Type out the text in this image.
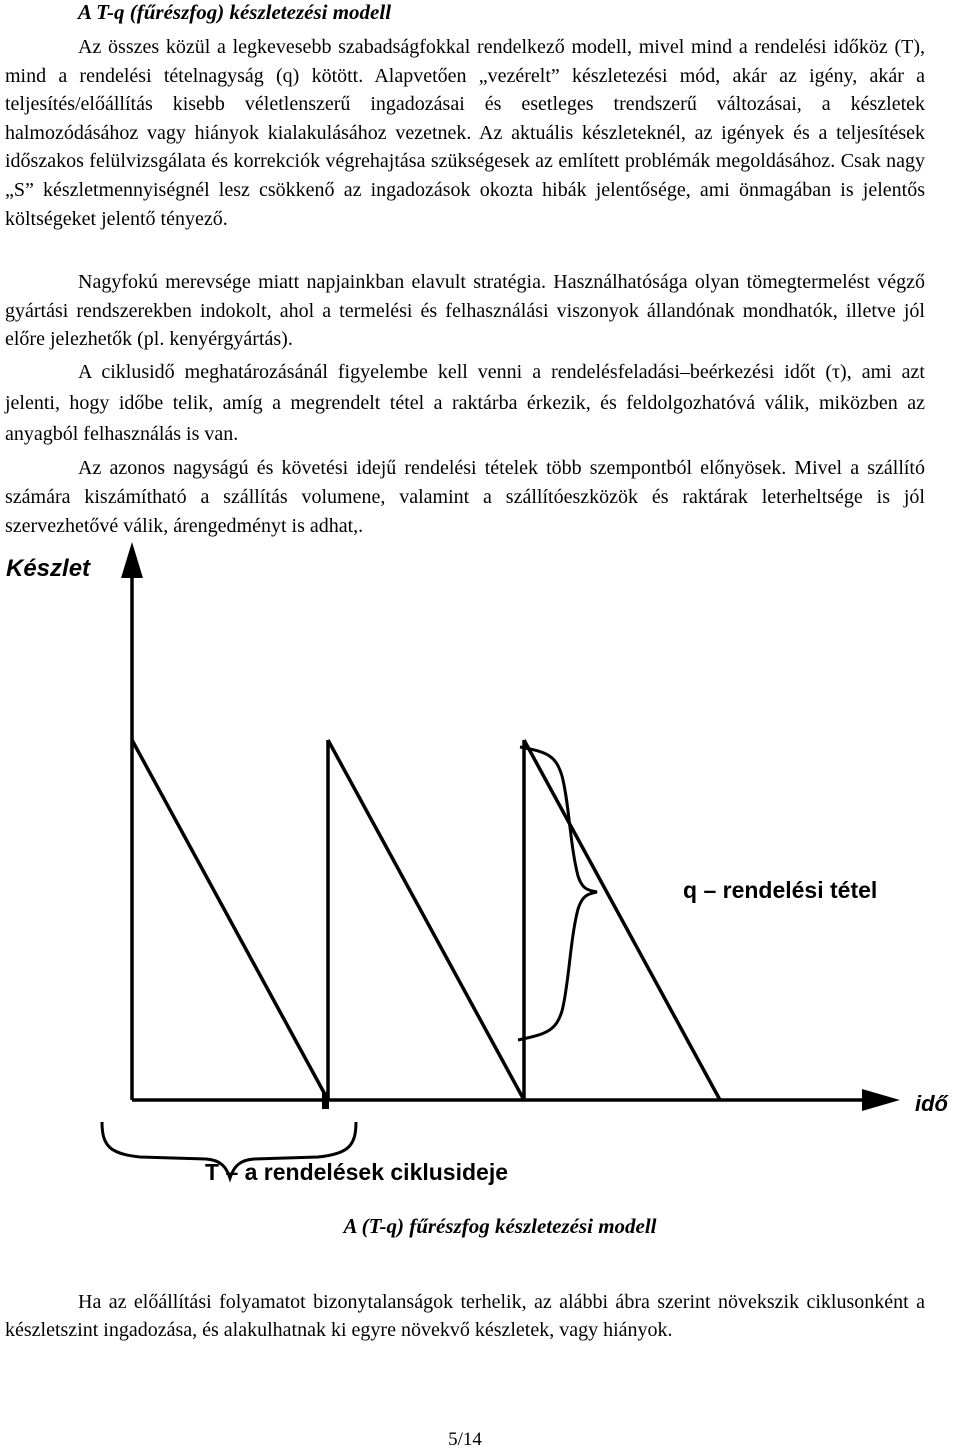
A T-q (fűrészfog) készletezési modell

Az összes közül a legkevesebb szabadságfokkal rendelkező modell, mivel mind a rendelési időköz (T), mind a rendelési tételnagyság (q) kötött. Alapvetően „vezérelt” készletezési mód, akár az igény, akár a teljesítés/előállítás kisebb véletlenszerű ingadozásai és esetleges trendszerű változásai, a készletek halmozódásához vagy hiányok kialakulásához vezetnek. Az aktuális készleteknél, az igények és a teljesítések időszakos felülvizsgálata és korrekciók végrehajtása szükségesek az említett problémák megoldásához. Csak nagy „S” készletmennyiségnél lesz csökkenő az ingadozások okozta hibák jelentősége, ami önmagában is jelentős költségeket jelentő tényező.

Nagyfokú merevsége miatt napjainkban elavult stratégia. Használhatósága olyan tömegtermelést végző gyártási rendszerekben indokolt, ahol a termelési és felhasználási viszonyok állandónak mondhatók, illetve jól előre jelezhetők (pl. kenyérgyártás).

A ciklusidő meghatározásánál figyelembe kell venni a rendelésfeladási–beérkezési időt (τ), ami azt jelenti, hogy időbe telik, amíg a megrendelt tétel a raktárba érkezik, és feldolgozhatóvá válik, miközben az anyagból felhasználás is van.

Az azonos nagyságú és követési idejű rendelési tételek több szempontból előnyösek. Mivel a szállító számára kiszámítható a szállítás volumene, valamint a szállítóeszközök és raktárak leterheltsége is jól szervezhetővé válik, árengedményt is adhat,.

Készlet
idő
q – rendelési tétel
T – a rendelések ciklusideje

A (T-q) fűrészfog készletezési modell

Ha az előállítási folyamatot bizonytalanságok terhelik, az alábbi ábra szerint növekszik ciklusonként a készletszint ingadozása, és alakulhatnak ki egyre növekvő készletek, vagy hiányok.

5/14
